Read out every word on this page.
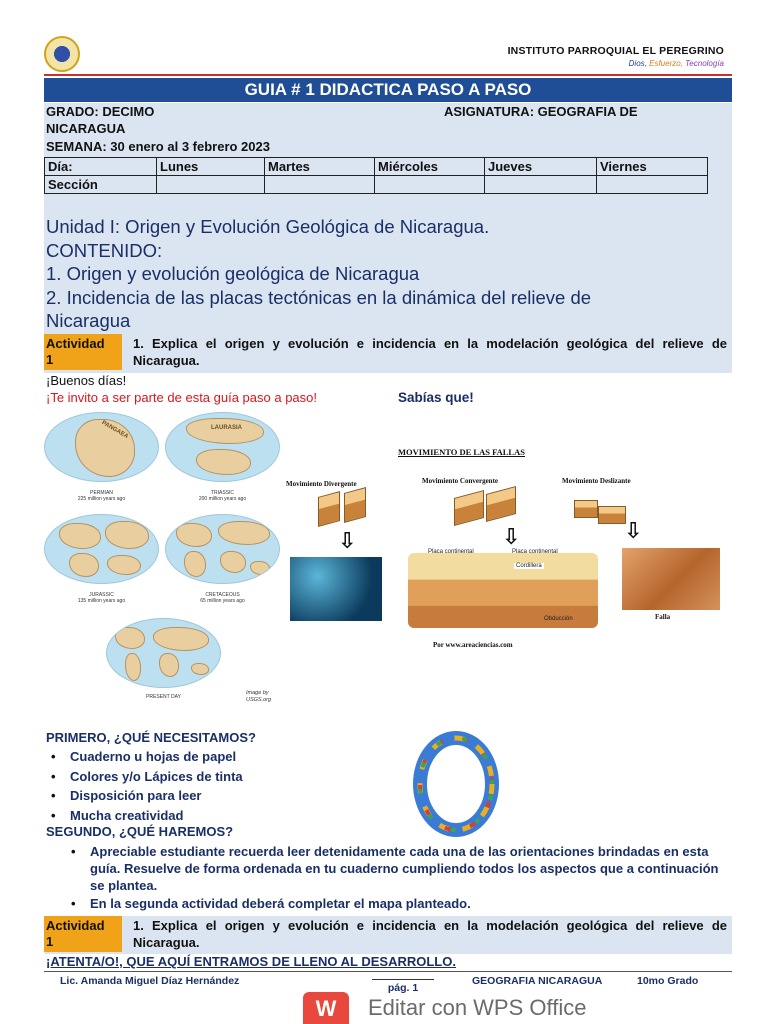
INSTITUTO PARROQUIAL EL PEREGRINO
Dios, Esfuerzo, Tecnología
GUIA # 1 DIDACTICA PASO A PASO
GRADO: DECIMO	ASIGNATURA: GEOGRAFIA DE
NICARAGUA
SEMANA: 30 enero al 3 febrero 2023
Día:	Lunes	Martes	Miércoles	Jueves	Viernes
Sección					
Unidad I: Origen y Evolución Geológica de Nicaragua.
CONTENIDO:
1. Origen y evolución geológica de Nicaragua
2. Incidencia de las placas tectónicas en la dinámica del relieve de
Nicaragua
Actividad
1
1. Explica el origen y evolución e incidencia en la modelación geológica del relieve de Nicaragua.
¡Buenos días!
¡Te invito a ser parte de esta guía paso a paso!	Sabías que!
PANGAEA
PERMIAN
225 million years ago
LAURASIA
TRIASSIC
200 million years ago
JURASSIC
135 million years ago
CRETACEOUS
65 million years ago
PRESENT DAY
Image by
USGS.org
MOVIMIENTO DE LAS FALLAS
Movimiento Divergente	Movimiento Convergente	Movimiento Deslizante
⇩	⇩	⇩
Placa continental	Placa continental
Cordillera
Obducción	Falla
Por www.areaciencias.com
PRIMERO, ¿QUÉ NECESITAMOS?
• Cuaderno u hojas de papel
• Colores y/o Lápices de tinta
• Disposición para leer
• Mucha creatividad
SEGUNDO, ¿QUÉ HAREMOS?
• Apreciable estudiante recuerda leer detenidamente cada una de las orientaciones brindadas en esta guía. Resuelve de forma ordenada en tu cuaderno cumpliendo todos los aspectos que a continuación se plantea.
• En la segunda actividad deberá completar el mapa planteado.
Actividad
1
1. Explica el origen y evolución e incidencia en la modelación geológica del relieve de Nicaragua.
¡ATENTA/O!, QUE AQUÍ ENTRAMOS DE LLENO AL DESARROLLO.
Lic. Amanda Miguel Díaz Hernández
pág. 1
GEOGRAFIA NICARAGUA	10mo Grado
W	Editar con WPS Office
